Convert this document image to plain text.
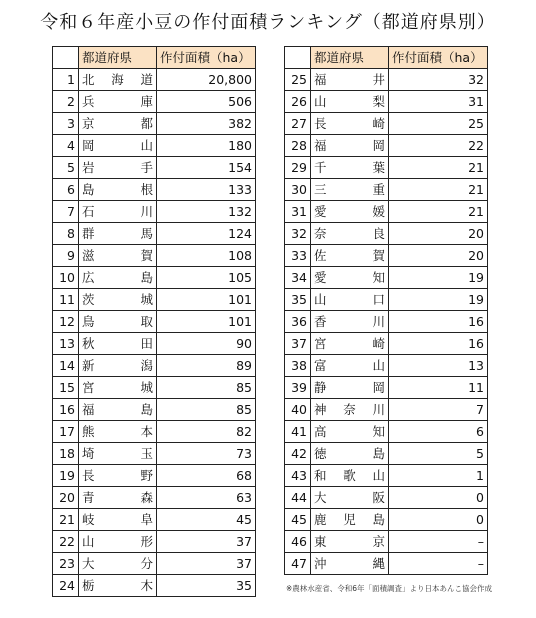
令和６年産小豆の作付面積ランキング（都道府県別）
	都道府県	作付面積（ha）
1	北海道	20,800
2	兵庫	506
3	京都	382
4	岡山	180
5	岩手	154
6	島根	133
7	石川	132
8	群馬	124
9	滋賀	108
10	広島	105
11	茨城	101
12	鳥取	101
13	秋田	90
14	新潟	89
15	宮城	85
16	福島	85
17	熊本	82
18	埼玉	73
19	長野	68
20	青森	63
21	岐阜	45
22	山形	37
23	大分	37
24	栃木	35
	都道府県	作付面積（ha）
25	福井	32
26	山梨	31
27	長崎	25
28	福岡	22
29	千葉	21
30	三重	21
31	愛媛	21
32	奈良	20
33	佐賀	20
34	愛知	19
35	山口	19
36	香川	16
37	宮崎	16
38	富山	13
39	静岡	11
40	神奈川	7
41	高知	6
42	徳島	5
43	和歌山	1
44	大阪	0
45	鹿児島	0
46	東京	–
47	沖縄	–
※農林水産省、令和6年「面積調査」より日本あんこ協会作成
